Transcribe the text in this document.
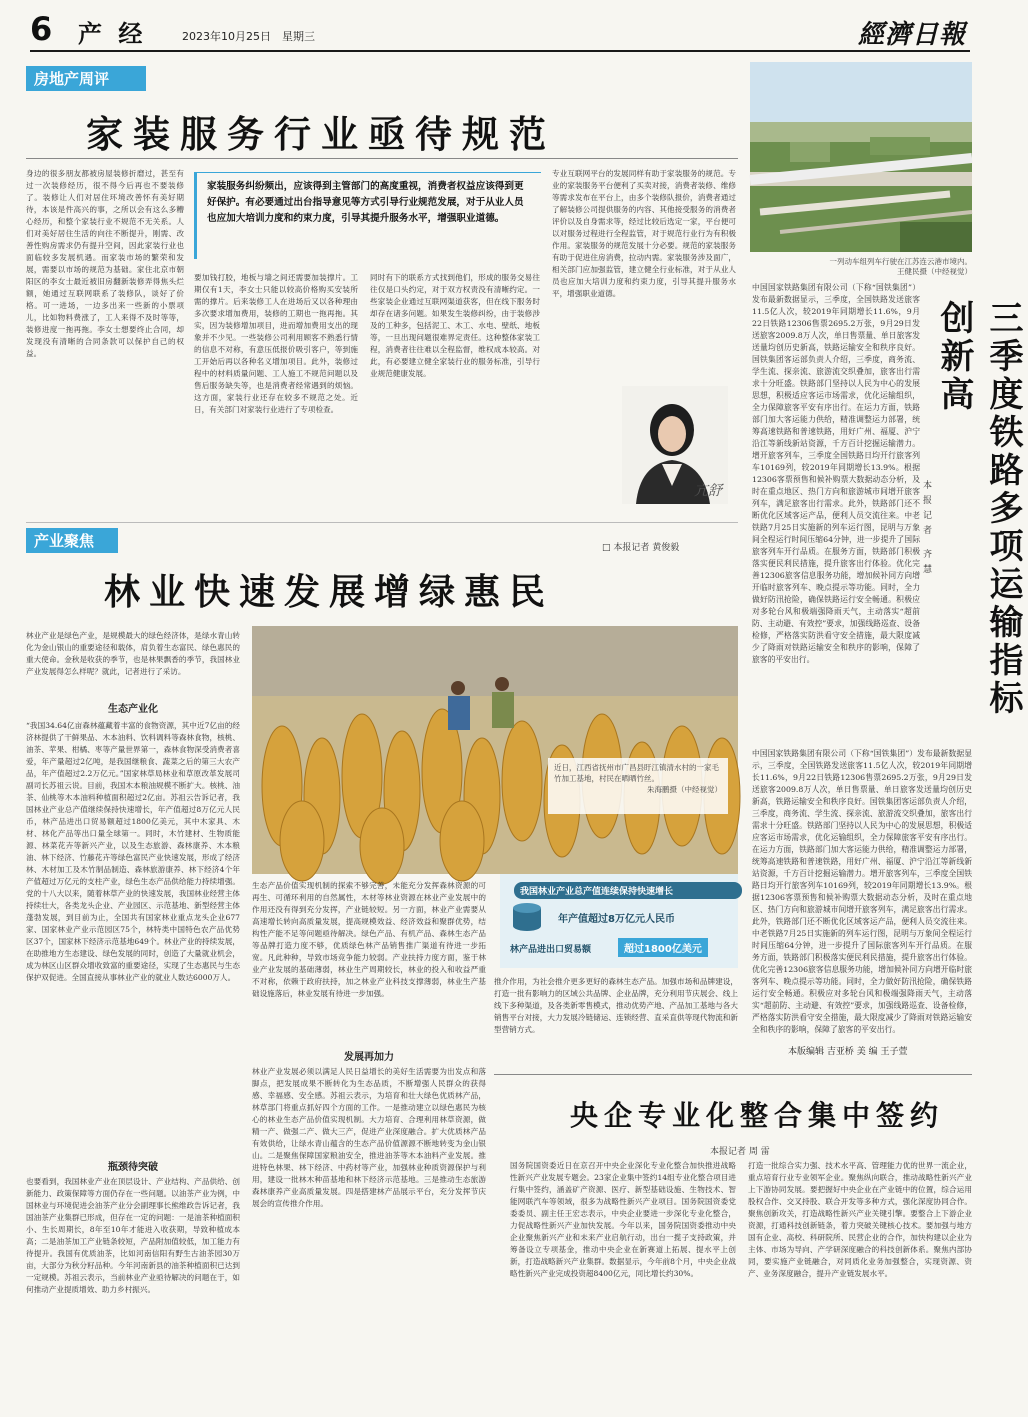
6 产 经	2023年10月25日 星期三	經濟日報
房地产周评
家装服务行业亟待规范
身边的很多朋友都被房屋装修折磨过，甚至有过一次装修经历，很不得今后再也不要装修了。装修让人们对居住环境改善怀有美好期待，本该是件高兴的事，之所以会有这么多糟心经历，和整个家装行业不规范不无关系。人们对美好居住生活的向往不断提升，刚需、改善性购房需求仍有提升空间，因此家装行业也面临较多发展机遇。而家装市场的繁荣和发展，需要以市场的规范为基础。家住北京市朝阳区的李女士最近被旧房翻新装修弄得焦头烂额，她通过互联网联系了装修队，谈好了价格。可一进场，一边多出来一些新的小票项儿，比如物料费涨了，工人来得不及时等等，装修进度一拖再拖。李女士想要终止合同，却发现没有清晰的合同条款可以保护自己的权益。
家装服务纠纷频出，应该得到主管部门的高度重视，消费者权益应该得到更好保护。有必要通过出台指导意见等方式引导行业规范发展，对于从业人员也应加大培训力度和约束力度，引导其提升服务水平，增强职业道德。
要加钱打胶，地板与墙之间还需要加装撑片。工期仅有1天，李女士只能以较高价格购买安装所需的撑片。后来装修工人在进场后又以各种理由多次要求增加费用，装修的工期也一拖再拖。其实，因为装修增加项目，进而增加费用支出的现象并不少见。一些装修公司利用顾客不熟悉行情的信息不对称，有意压低报价吸引客户，等到施工开始后再以各种名义增加项目。此外，装修过程中的材料质量问题、工人施工不规范问题以及售后服务缺失等，也是消费者经常遇到的烦恼。这方面，家装行业还存在较多不规范之处。近日，有关部门对家装行业进行了专项检查。
同时有下的联系方式找到他们，形成的服务交易往往仅是口头约定，对于双方权责没有清晰约定。一些家装企业通过互联网渠道获客，但在线下服务时却存在诸多问题。如果发生装修纠纷，由于装修涉及的工种多，包括泥工、木工、水电、壁纸、地板等，一旦出现问题很难界定责任。这种整体家装工程，消费者往往难以全程监督，维权成本较高。对此，有必要建立健全家装行业的服务标准，引导行业规范健康发展。
专业互联网平台的发展同样有助于家装服务的规范。专业的家装服务平台便利了买卖对接，消费者装修、维修等需求发布在平台上，由多个装修队报价，消费者通过了解装修公司提供服务的内容、其他接受服务的消费者评价以及自身需求等，经过比较后选定一家，平台便可以对服务过程进行全程监管，对于规范行业行为有积极作用。家装服务的规范发展十分必要。规范的家装服务有助于促进住房消费，拉动内需。家装服务涉及面广，相关部门应加强监管，建立健全行业标准，对于从业人员也应加大培训力度和约束力度，引导其提升服务水平，增强职业道德。
亢舒
一列动车组列车行驶在江苏连云港市境内。
王健民摄（中经视觉）
中国国家铁路集团有限公司（下称“国铁集团”）发布最新数据显示，三季度，全国铁路发送旅客11.5亿人次，较2019年同期增长11.6%，9月22日铁路12306售票2695.2万张，9月29日发送旅客2009.8万人次，单日售票量、单日旅客发送量均创历史新高，铁路运输安全和秩序良好。国铁集团客运部负责人介绍，三季度，商务流、学生流、探亲流、旅游流交织叠加，旅客出行需求十分旺盛。铁路部门坚持以人民为中心的发展思想，积极适应客运市场需求，优化运输组织，全力保障旅客平安有序出行。在运力方面，铁路部门加大客运能力供给，精准调整运力部署，统筹高速铁路和普速铁路，用好广州、福厦、沪宁沿江等新线新站资源，千方百计挖掘运输潜力。增开旅客列车，三季度全国铁路日均开行旅客列车10169列，较2019年同期增长13.9%。根据12306客票预售和候补购票大数据动态分析，及时在重点地区、热门方向和旅游城市间增开旅客列车，满足旅客出行需求。此外，铁路部门还不断优化区域客运产品，便利人员交流往来。中老铁路7月25日实施新的列车运行图，昆明与万象间全程运行时间压缩64分钟，进一步提升了国际旅客列车开行品质。在服务方面，铁路部门积极落实便民利民措施，提升旅客出行体验。优化完善12306旅客信息服务功能，增加候补同方向增开临时旅客列车、晚点提示等功能。同时，全力做好防汛抢险，确保铁路运行安全畅通。积极应对多轮台风和极端强降雨天气，主动落实“超前防、主动避、有效控”要求，加强线路巡查、设备检修，严格落实防洪看守安全措施，最大限度减少了降雨对铁路运输安全和秩序的影响，保障了旅客的平安出行。	三季度铁路多项运输指标创新高
本报记者 齐慧
中国国家铁路集团有限公司（下称“国铁集团”）发布最新数据显示，三季度，全国铁路发送旅客11.5亿人次，较2019年同期增长11.6%，9月22日铁路12306售票2695.2万张，9月29日发送旅客2009.8万人次，单日售票量、单日旅客发送量均创历史新高，铁路运输安全和秩序良好。国铁集团客运部负责人介绍，三季度，商务流、学生流、探亲流、旅游流交织叠加，旅客出行需求十分旺盛。铁路部门坚持以人民为中心的发展思想，积极适应客运市场需求，优化运输组织，全力保障旅客平安有序出行。在运力方面，铁路部门加大客运能力供给，精准调整运力部署，统筹高速铁路和普速铁路，用好广州、福厦、沪宁沿江等新线新站资源，千方百计挖掘运输潜力。增开旅客列车，三季度全国铁路日均开行旅客列车10169列，较2019年同期增长13.9%。根据12306客票预售和候补购票大数据动态分析，及时在重点地区、热门方向和旅游城市间增开旅客列车，满足旅客出行需求。此外，铁路部门还不断优化区域客运产品，便利人员交流往来。中老铁路7月25日实施新的列车运行图，昆明与万象间全程运行时间压缩64分钟，进一步提升了国际旅客列车开行品质。在服务方面，铁路部门积极落实便民利民措施，提升旅客出行体验。优化完善12306旅客信息服务功能，增加候补同方向增开临时旅客列车、晚点提示等功能。同时，全力做好防汛抢险，确保铁路运行安全畅通。积极应对多轮台风和极端强降雨天气，主动落实“超前防、主动避、有效控”要求，加强线路巡查、设备检修，严格落实防洪看守安全措施，最大限度减少了降雨对铁路运输安全和秩序的影响，保障了旅客的平安出行。
本版编辑 吉亚桥 美 编 王子萱
产业聚焦	□ 本报记者 黄俊毅
林业快速发展增绿惠民
林业产业是绿色产业，是规模最大的绿色经济体，是绿水青山转化为金山银山的重要途径和载体，肩负着生态富民、绿色惠民的重大使命。金秋是收获的季节，也是林果飘香的季节，我国林业产业发展得怎么样呢？就此，记者进行了采访。
生态产业化
“我国34.64亿亩森林蕴藏着丰富的食物资源，其中近7亿亩的经济林提供了干鲜果品、木本油料、饮料调料等森林食物，核桃、油茶、苹果、柑橘、枣等产量世界第一，森林食物深受消费者喜爱，年产量超过2亿吨，是我国继粮食、蔬菜之后的第三大农产品，年产值超过2.2万亿元。”国家林草局林业和草原改革发展司副司长苏祖云说。目前，我国木本粮油规模不断扩大。核桃、油茶、仙桃等木本油料种植面积超过2亿亩。苏祖云告诉记者，我国林业产业总产值继续保持快速增长，年产值超过8万亿元人民币，林产品进出口贸易额超过1800亿美元，其中木家具、木材、林化产品等出口量全球第一。同时，木竹建材、生物质能源、林菜花卉等新兴产业，以及生态旅游、森林康养、木本粮油、林下经济、竹藤花卉等绿色富民产业快速发展，形成了经济林、木材加工及木竹制品制造、森林旅游康养、林下经济4个年产值超过万亿元的支柱产业，绿色生态产品供给能力持续增强。党的十八大以来，随着林草产业的快速发展，我国林业经营主体持续壮大，各类龙头企业、产业园区、示范基地、新型经营主体蓬勃发展，到目前为止，全国共有国家林业重点龙头企业677家、国家林业产业示范园区75个，林特类中国特色农产品优势区37个，国家林下经济示范基地649个。林业产业的持续发展，在助推地方生态建设、绿色发展的同时，创造了大量就业机会，成为林区山区群众增收致富的重要途径，实现了生态惠民与生态保护双促进。全国直接从事林业产业的就业人数达6000万人。
瓶颈待突破
也要看到，我国林业产业在顶层设计、产业结构、产品供给、创新能力、政策保障等方面仍存在一些问题。以油茶产业为例，中国林业与环境促进会油茶产业分会副理事长熊维政告诉记者，我国油茶产业集群已形成，但存在一定的问题：一是油茶种植面积小、生长周期长，8年至10年才能进入收获期，导致种植成本高；二是油茶加工产业链条较短，产品附加值较低，加工能力有待提升。我国有优质油茶，比如河南信阳有野生古油茶园30万亩，大部分为秋分籽品种。今年河南新县的油茶种植面积已达到一定规模。苏祖云表示，当前林业产业亟待解决的问题在于，如何推动产业提质增效、助力乡村振兴。
近日，江西省抚州市广昌县盱江镇清水村的一家毛竹加工基地，村民在晒晒竹丝。
朱海鹏摄（中经视觉）
我国林业产业总产值连续保持快速增长
年产值超过8万亿元人民币
林产品进出口贸易额	超过1800亿美元
生态产品价值实现机制的探索不够完善，未能充分发挥森林资源的可再生、可循环利用的自然属性，木材等林业资源在林业产业发展中的作用还没有得到充分发挥，产业链较短。另一方面，林业产业需要从高速增长转向高质量发展，提高规模效益、经济效益和聚群优势，结构性产能不足等问题亟待解决。绿色产品、有机产品、森林生态产品等品牌打造力度不够，优质绿色林产品销售推广渠道有待进一步拓宽。凡此种种，导致市场竞争能力较弱。产业扶持力度方面，鉴于林业产业发展的基础薄弱，林业生产周期较长，林业的投入和收益严重不对称，依赖于政府扶持，加之林业产业科技支撑薄弱，林业生产基础设施落后，林业发展有待进一步加强。
发展再加力
林业产业发展必须以满足人民日益增长的美好生活需要为出发点和落脚点，把发展成果不断转化为生态品质，不断增强人民群众的获得感、幸福感、安全感。苏祖云表示，为培育和壮大绿色优质林产品，林草部门将重点抓好四个方面的工作。一是推动建立以绿色惠民为核心的林业生态产品价值实现机制。大力培育、合理利用林草资源，做精一产、做强二产、做大三产，促进产业深度融合。扩大优质林产品有效供给，让绿水青山蕴含的生态产品价值源源不断地转变为金山银山。二是聚焦保障国家粮油安全，推进油茶等木本油料产业发展。推进特色林果、林下经济、中药材等产业，加强林业种质资源保护与利用，建设一批林木种苗基地和林下经济示范基地。三是推动生态旅游森林康养产业高质量发展。四是搭建林产品展示平台，充分发挥节庆展会的宣传推介作用。
推介作用，为社会推介更多更好的森林生态产品。加强市场和品牌建设，打造一批有影响力的区域公共品牌、企业品牌，充分利用节庆展会、线上线下多种渠道，及各类新零售模式，推动优势产地、产品加工基地与各大销售平台对接，大力发展冷链储运、连锁经营、直采直供等现代物流和新型营销方式。
央企专业化整合集中签约
本报记者 周 雷
国务院国资委近日在京召开中央企业深化专业化整合加快推进战略性新兴产业发展专题会。23家企业集中签约14组专业化整合项目进行集中签约，涵盖矿产资源、医疗、新型基础设施、生物技术、智能网联汽车等领域，很多为战略性新兴产业项目。国务院国资委党委委员、副主任王宏志表示，中央企业要进一步深化专业化整合，力促战略性新兴产业加快发展。今年以来，国务院国资委推动中央企业聚焦新兴产业和未来产业启航行动，出台一揽子支持政策，并筹备设立专项基金，推动中央企业在新赛道上拓展、提水平上创新，打造战略新兴产业集群。数据显示，今年前8个月，中央企业战略性新兴产业完成投资超8400亿元，同比增长约30%。
打造一批综合实力强、技术水平高、管理能力优的世界一流企业，重点培育行业专业领军企业。聚焦纵向联合，推动战略性新兴产业上下游协同发展。要把握好中央企业在产业链中的位置，综合运用股权合作、交叉持股、联合开发等多种方式，强化深度协同合作。聚焦创新攻关，打造战略性新兴产业关键引擎。要整合上下游企业资源，打通科技创新链条，着力突破关键核心技术。要加强与地方国有企业、高校、科研院所、民营企业的合作，加快构建以企业为主体、市场为导向、产学研深度融合的科技创新体系。聚焦内部协同，要实施产业链融合，对同质化业务加强整合，实现资源、资产、业务深度融合，提升产业链发展水平。
